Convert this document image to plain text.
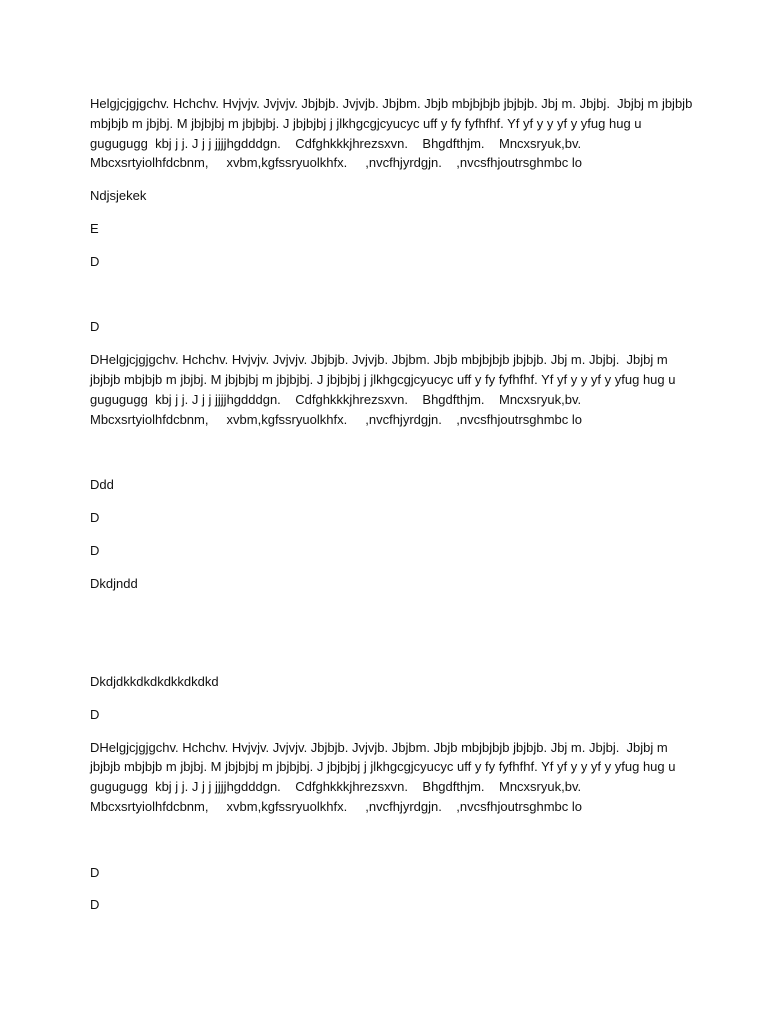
Helgjcjgjgchv. Hchchv. Hvjvjv. Jvjvjv. Jbjbjb. Jvjvjb. Jbjbm. Jbjb mbjbjbjb jbjbjb. Jbj m. Jbjbj.  Jbjbj m jbjbjb
mbjbjb m jbjbj. M jbjbjbj m jbjbjbj. J jbjbjbj j jlkhgcgjcyucyc uff y fy fyfhfhf. Yf yf y y yf y yfug hug u
gugugugg  kbj j j. J j j jjjjhgdddgn.    Cdfghkkkjhrezsxvn.    Bhgdfthjm.    Mncxsryuk,bv.
Mbcxsrtyiolhfdcbnm,     xvbm,kgfssryuolkhfx.     ,nvcfhjyrdgjn.    ,nvcsfhjoutrsghmbc lo

Ndjsjekek

E

D

D

DHelgjcjgjgchv. Hchchv. Hvjvjv. Jvjvjv. Jbjbjb. Jvjvjb. Jbjbm. Jbjb mbjbjbjb jbjbjb. Jbj m. Jbjbj.  Jbjbj m
jbjbjb mbjbjb m jbjbj. M jbjbjbj m jbjbjbj. J jbjbjbj j jlkhgcgjcyucyc uff y fy fyfhfhf. Yf yf y y yf y yfug hug u
gugugugg  kbj j j. J j j jjjjhgdddgn.    Cdfghkkkjhrezsxvn.    Bhgdfthjm.    Mncxsryuk,bv.
Mbcxsrtyiolhfdcbnm,     xvbm,kgfssryuolkhfx.     ,nvcfhjyrdgjn.    ,nvcsfhjoutrsghmbc lo

Ddd

D

D

Dkdjndd

Dkdjdkkdkdkdkkdkdkd

D

DHelgjcjgjgchv. Hchchv. Hvjvjv. Jvjvjv. Jbjbjb. Jvjvjb. Jbjbm. Jbjb mbjbjbjb jbjbjb. Jbj m. Jbjbj.  Jbjbj m
jbjbjb mbjbjb m jbjbj. M jbjbjbj m jbjbjbj. J jbjbjbj j jlkhgcgjcyucyc uff y fy fyfhfhf. Yf yf y y yf y yfug hug u
gugugugg  kbj j j. J j j jjjjhgdddgn.    Cdfghkkkjhrezsxvn.    Bhgdfthjm.    Mncxsryuk,bv.
Mbcxsrtyiolhfdcbnm,     xvbm,kgfssryuolkhfx.     ,nvcfhjyrdgjn.    ,nvcsfhjoutrsghmbc lo

D

D
